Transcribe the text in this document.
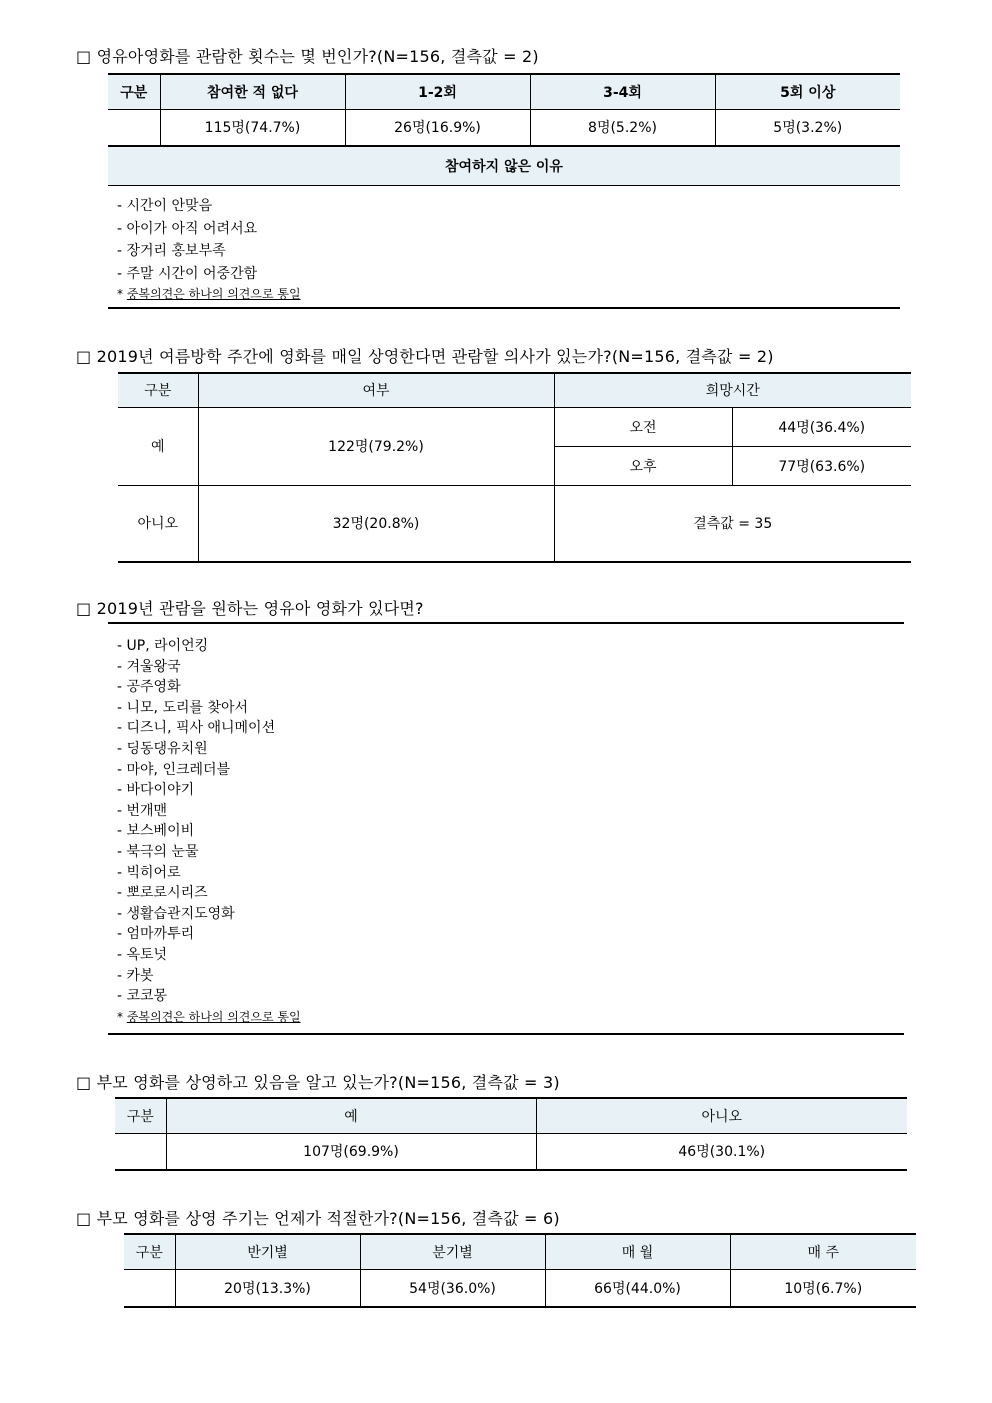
□ 영유아영화를 관람한 횟수는 몇 번인가?(N=156, 결측값 = 2)
구분	참여한 적 없다	1-2회	3-4회	5회 이상
	115명(74.7%)	26명(16.9%)	8명(5.2%)	5명(3.2%)
참여하지 않은 이유
- 시간이 안맞음
- 아이가 아직 어려서요
- 장거리 홍보부족
- 주말 시간이 어중간함
* 중복의견은 하나의 의견으로 통일
□ 2019년 여름방학 주간에 영화를 매일 상영한다면 관람할 의사가 있는가?(N=156, 결측값 = 2)
구분	여부	희망시간	
예	122명(79.2%)	오전	44명(36.4%)
		오후	77명(63.6%)
아니오	32명(20.8%)	결측값 = 35	
□ 2019년 관람을 원하는 영유아 영화가 있다면?
- UP, 라이언킹
- 겨울왕국
- 공주영화
- 니모, 도리를 찾아서
- 디즈니, 픽사 애니메이션
- 딩동댕유치원
- 마야, 인크레더블
- 바다이야기
- 번개맨
- 보스베이비
- 북극의 눈물
- 빅히어로
- 뽀로로시리즈
- 생활습관지도영화
- 엄마까투리
- 옥토넛
- 카봇
- 코코몽
* 중복의견은 하나의 의견으로 통일
□ 부모 영화를 상영하고 있음을 알고 있는가?(N=156, 결측값 = 3)
구분	예	아니오
	107명(69.9%)	46명(30.1%)
□ 부모 영화를 상영 주기는 언제가 적절한가?(N=156, 결측값 = 6)
구분	반기별	분기별	매 월	매 주
	20명(13.3%)	54명(36.0%)	66명(44.0%)	10명(6.7%)
